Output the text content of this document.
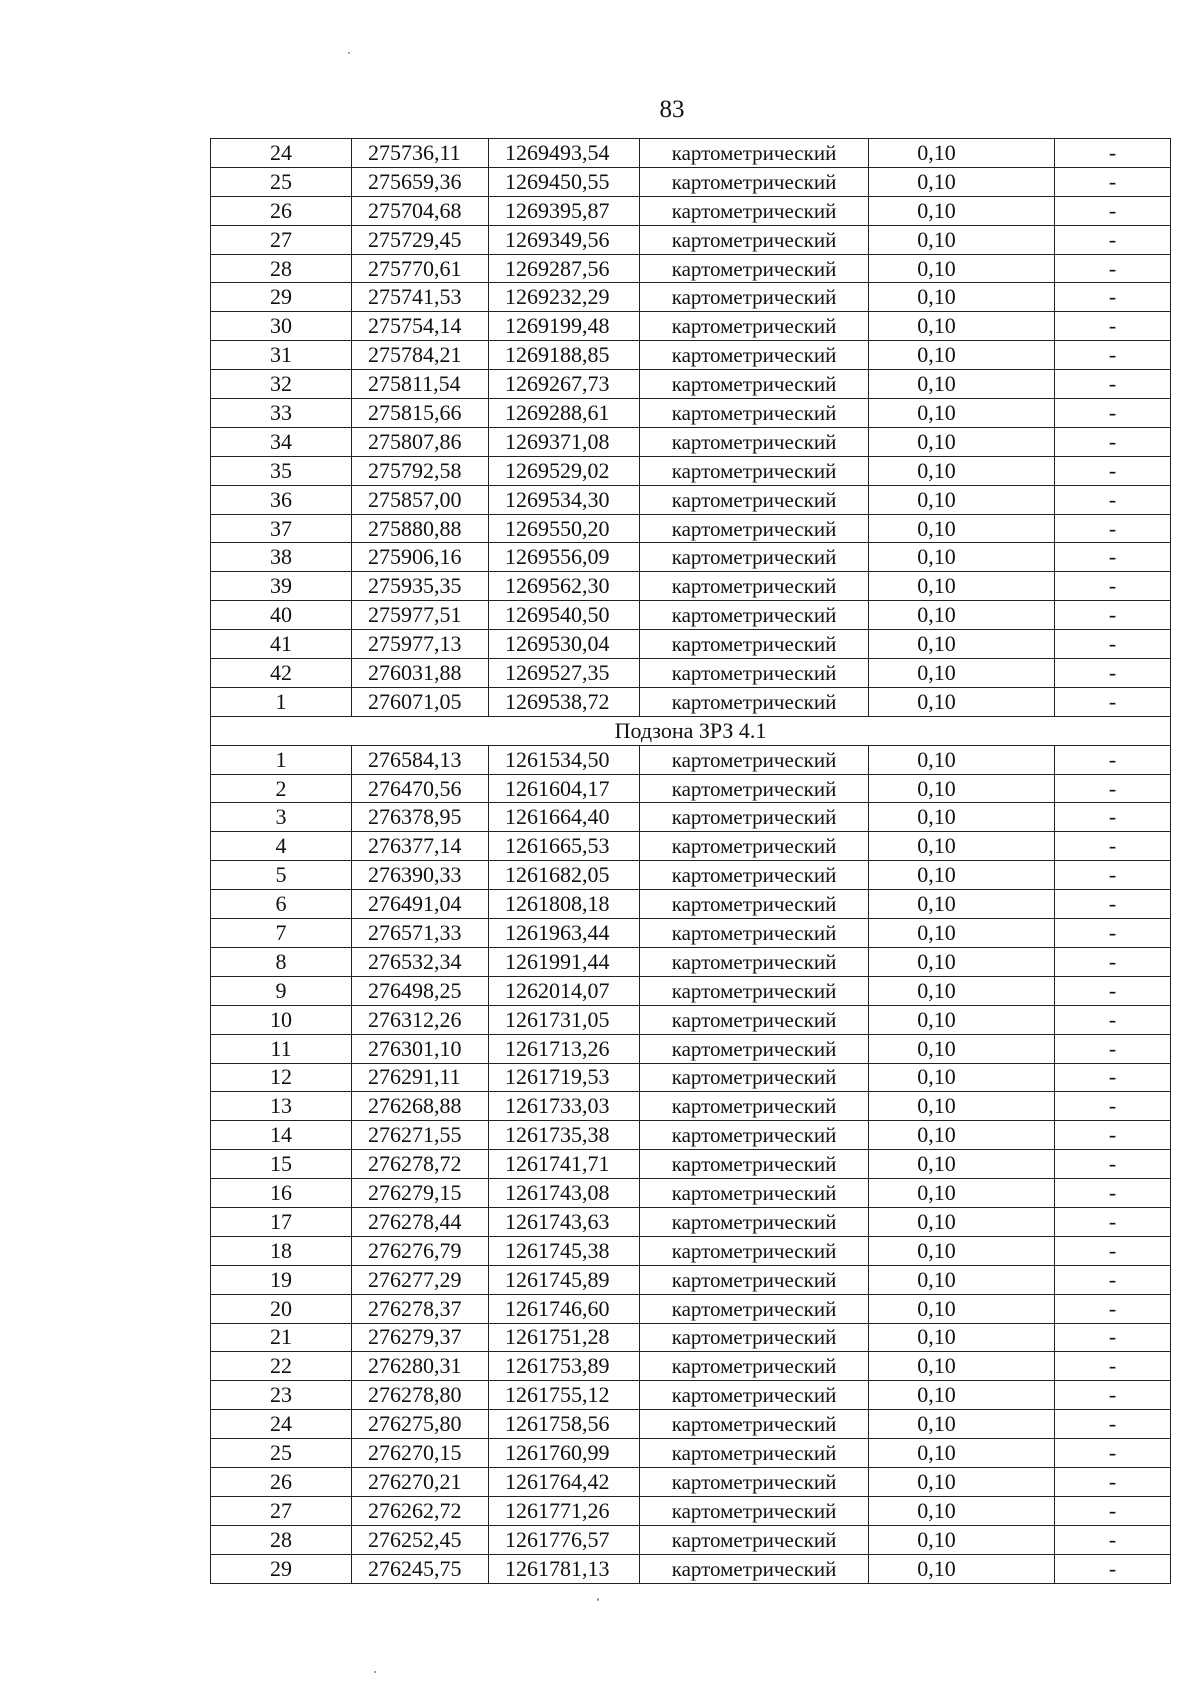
83
24	275736,11	1269493,54	картометрический	0,10	-
25	275659,36	1269450,55	картометрический	0,10	-
26	275704,68	1269395,87	картометрический	0,10	-
27	275729,45	1269349,56	картометрический	0,10	-
28	275770,61	1269287,56	картометрический	0,10	-
29	275741,53	1269232,29	картометрический	0,10	-
30	275754,14	1269199,48	картометрический	0,10	-
31	275784,21	1269188,85	картометрический	0,10	-
32	275811,54	1269267,73	картометрический	0,10	-
33	275815,66	1269288,61	картометрический	0,10	-
34	275807,86	1269371,08	картометрический	0,10	-
35	275792,58	1269529,02	картометрический	0,10	-
36	275857,00	1269534,30	картометрический	0,10	-
37	275880,88	1269550,20	картометрический	0,10	-
38	275906,16	1269556,09	картометрический	0,10	-
39	275935,35	1269562,30	картометрический	0,10	-
40	275977,51	1269540,50	картометрический	0,10	-
41	275977,13	1269530,04	картометрический	0,10	-
42	276031,88	1269527,35	картометрический	0,10	-
1	276071,05	1269538,72	картометрический	0,10	-
Подзона ЗРЗ 4.1					
1	276584,13	1261534,50	картометрический	0,10	-
2	276470,56	1261604,17	картометрический	0,10	-
3	276378,95	1261664,40	картометрический	0,10	-
4	276377,14	1261665,53	картометрический	0,10	-
5	276390,33	1261682,05	картометрический	0,10	-
6	276491,04	1261808,18	картометрический	0,10	-
7	276571,33	1261963,44	картометрический	0,10	-
8	276532,34	1261991,44	картометрический	0,10	-
9	276498,25	1262014,07	картометрический	0,10	-
10	276312,26	1261731,05	картометрический	0,10	-
11	276301,10	1261713,26	картометрический	0,10	-
12	276291,11	1261719,53	картометрический	0,10	-
13	276268,88	1261733,03	картометрический	0,10	-
14	276271,55	1261735,38	картометрический	0,10	-
15	276278,72	1261741,71	картометрический	0,10	-
16	276279,15	1261743,08	картометрический	0,10	-
17	276278,44	1261743,63	картометрический	0,10	-
18	276276,79	1261745,38	картометрический	0,10	-
19	276277,29	1261745,89	картометрический	0,10	-
20	276278,37	1261746,60	картометрический	0,10	-
21	276279,37	1261751,28	картометрический	0,10	-
22	276280,31	1261753,89	картометрический	0,10	-
23	276278,80	1261755,12	картометрический	0,10	-
24	276275,80	1261758,56	картометрический	0,10	-
25	276270,15	1261760,99	картометрический	0,10	-
26	276270,21	1261764,42	картометрический	0,10	-
27	276262,72	1261771,26	картометрический	0,10	-
28	276252,45	1261776,57	картометрический	0,10	-
29	276245,75	1261781,13	картометрический	0,10	-
